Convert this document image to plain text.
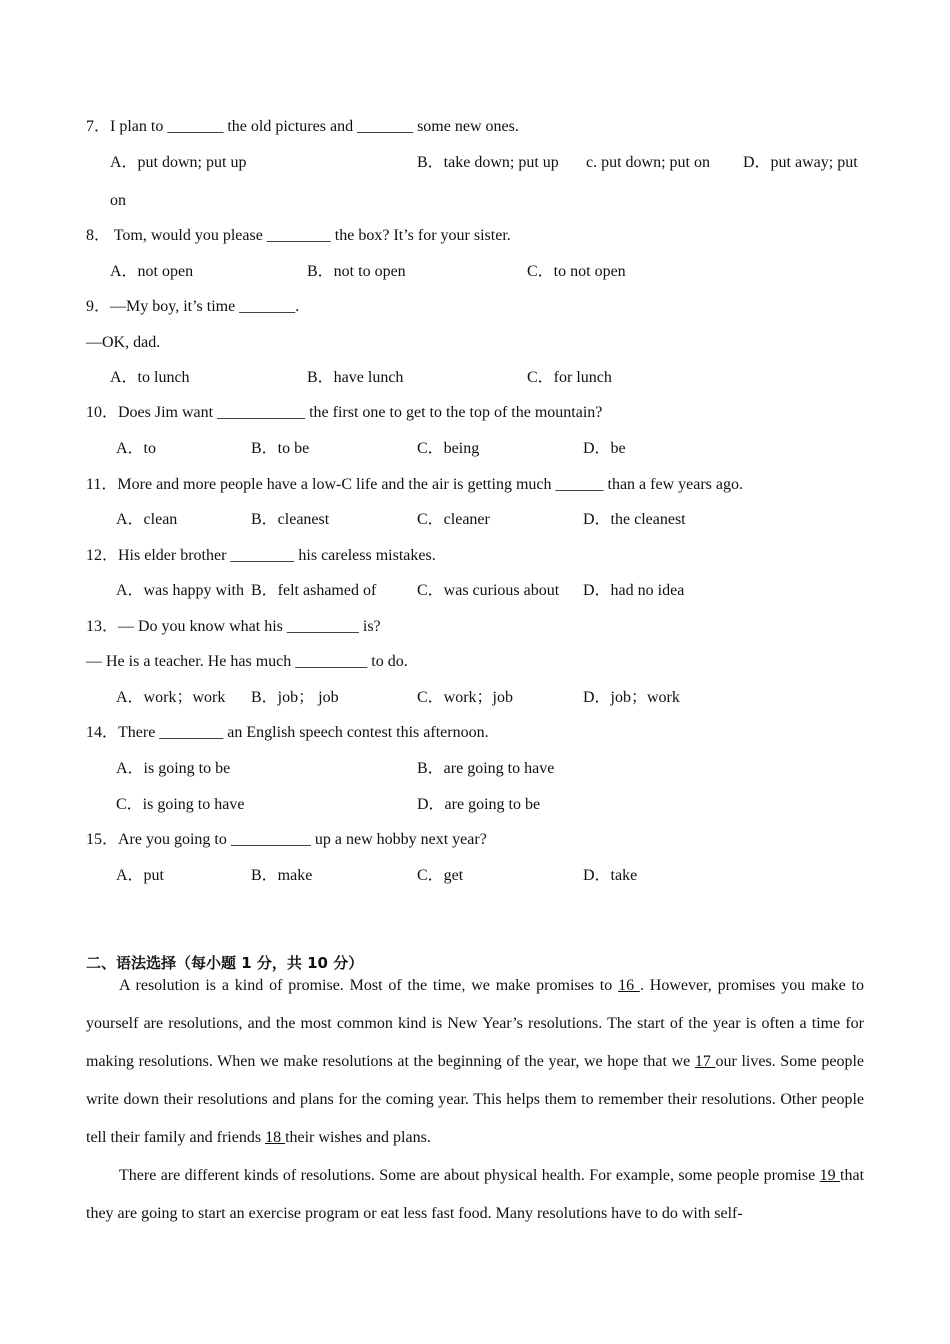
7．I plan to _______ the old pictures and _______ some new ones.
A．put down; put up	B．take down; put up c. put down; put on D．put away; put
on
8． Tom, would you please ________ the box? It’s for your sister.
A．not open	B．not to open	C．to not open
9．—My boy, it’s time _______.
—OK, dad.
A．to lunch	B．have lunch	C．for lunch
10．Does Jim want ___________ the first one to get to the top of the mountain?
A．to	B．to be	C．being	D．be
11．More and more people have a low-C life and the air is getting much ______ than a few years ago.
A．clean	B．cleanest	C．cleaner	D．the cleanest
12．His elder brother ________ his careless mistakes.
A．was happy with B．felt ashamed of	C．was curious about D．had no idea
13．— Do you know what his _________ is?
— He is a teacher. He has much _________ to do.
A．work；work B．job； job	C．work；job	D．job；work
14．There ________ an English speech contest this afternoon.
A．is going to be	B．are going to have
C．is going to have	D．are going to be
15．Are you going to __________ up a new hobby next year?
A．put	B．make	C．get	D．take
二、语法选择（每小题 1 分，共 10 分）

A resolution is a kind of promise. Most of the time, we make promises to 16 . However, promises you make to yourself are resolutions, and the most common kind is New Year’s resolutions. The start of the year is often a time for making resolutions. When we make resolutions at the beginning of the year, we hope that we 17 our lives. Some people write down their resolutions and plans for the coming year. This helps them to remember their resolutions. Other people tell their family and friends 18 their wishes and plans.

There are different kinds of resolutions. Some are about physical health. For example, some people promise 19 that they are going to start an exercise program or eat less fast food. Many resolutions have to do with self-
